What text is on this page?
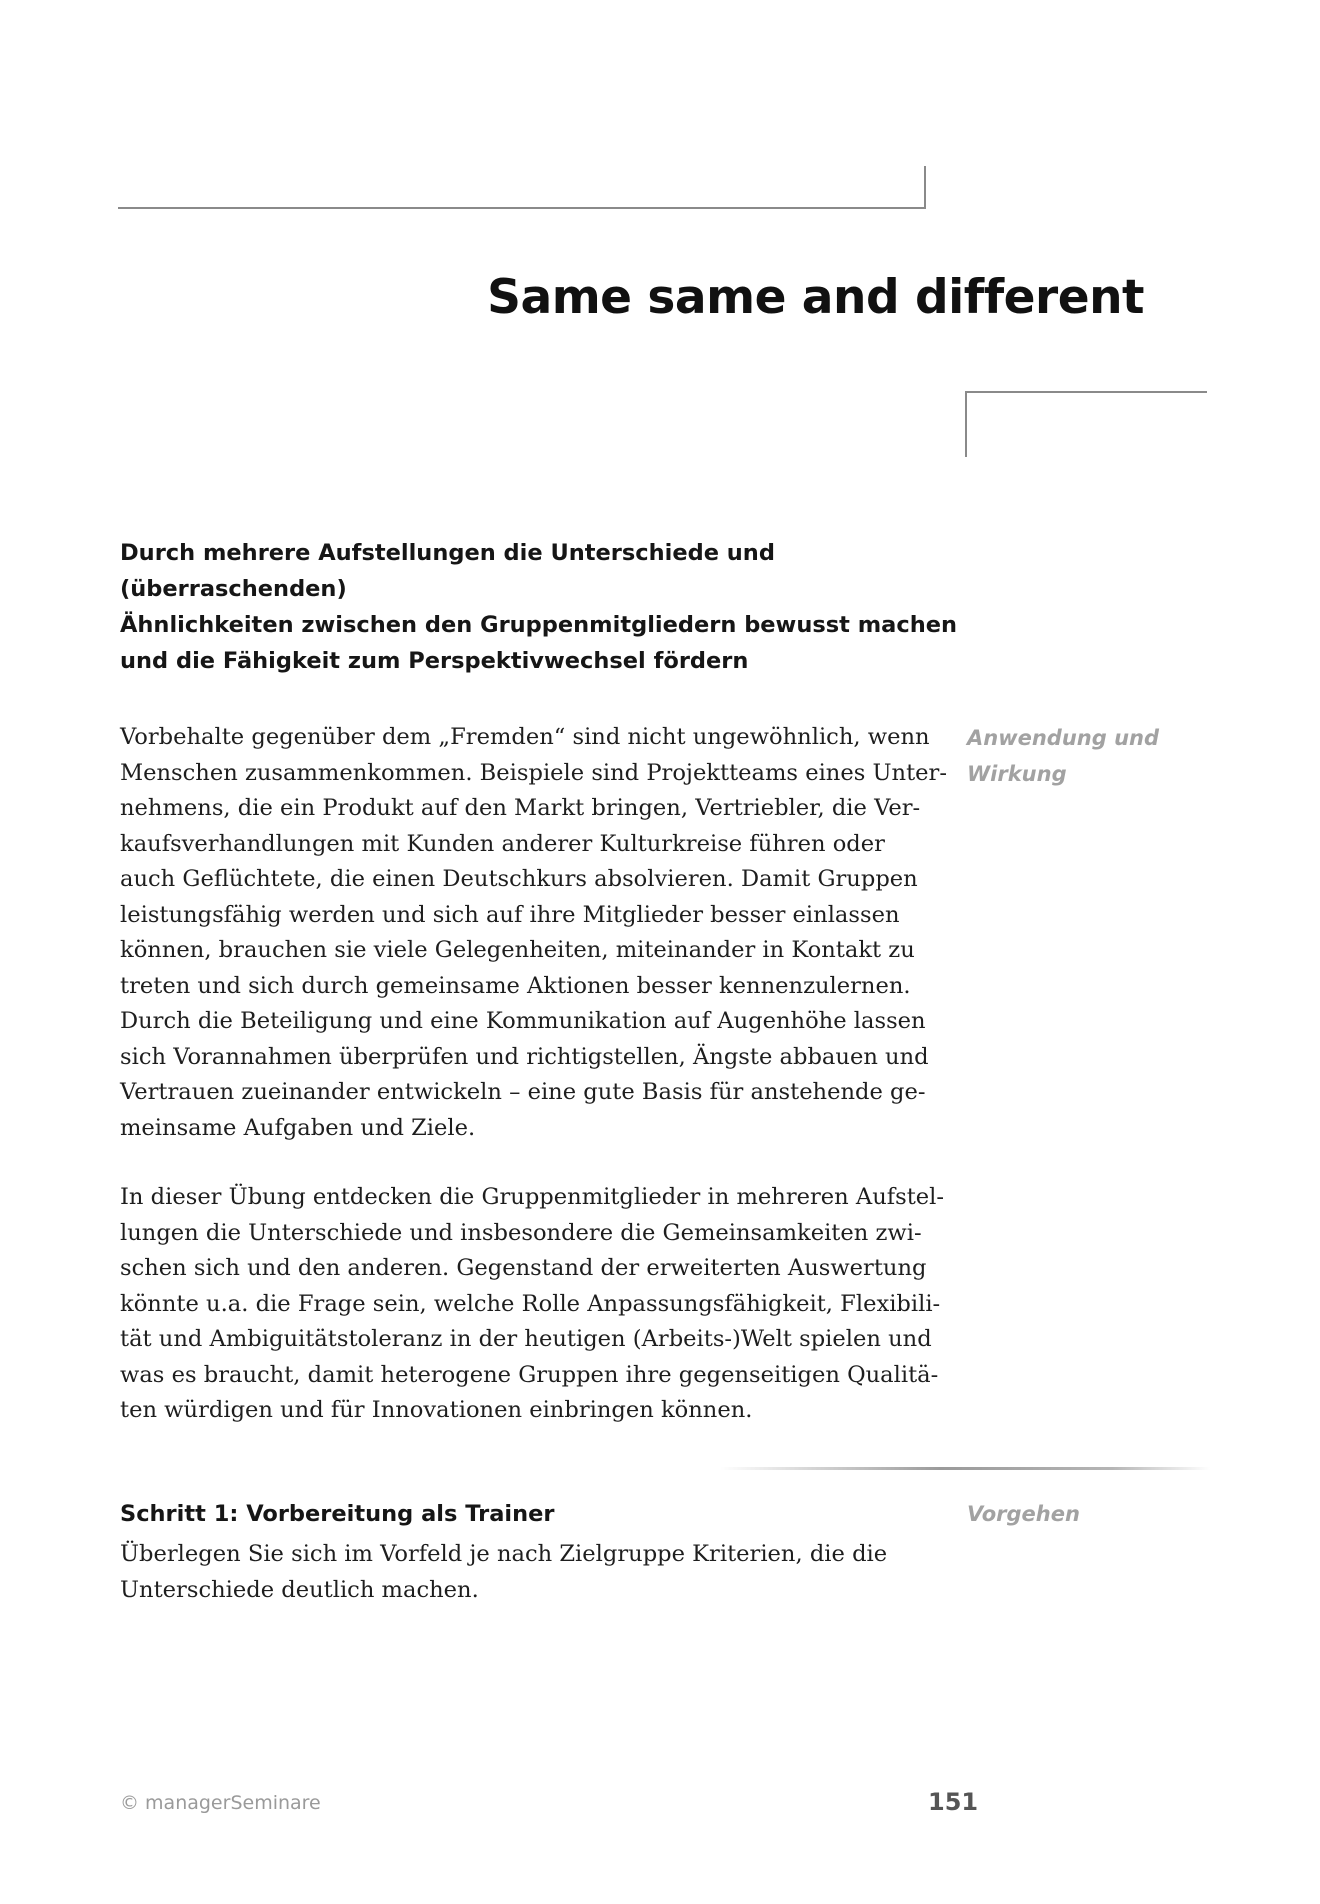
Same same and different

Durch mehrere Aufstellungen die Unterschiede und (überraschenden)
Ähnlichkeiten zwischen den Gruppenmitgliedern bewusst machen
und die Fähigkeit zum Perspektivwechsel fördern

Vorbehalte gegenüber dem „Fremden“ sind nicht ungewöhnlich, wenn
Menschen zusammenkommen. Beispiele sind Projektteams eines Unter-
nehmens, die ein Produkt auf den Markt bringen, Vertriebler, die Ver-
kaufsverhandlungen mit Kunden anderer Kulturkreise führen oder
auch Geflüchtete, die einen Deutschkurs absolvieren. Damit Gruppen
leistungsfähig werden und sich auf ihre Mitglieder besser einlassen
können, brauchen sie viele Gelegenheiten, miteinander in Kontakt zu
treten und sich durch gemeinsame Aktionen besser kennenzulernen.
Durch die Beteiligung und eine Kommunikation auf Augenhöhe lassen
sich Vorannahmen überprüfen und richtigstellen, Ängste abbauen und
Vertrauen zueinander entwickeln – eine gute Basis für anstehende ge-
meinsame Aufgaben und Ziele.

Anwendung und
Wirkung

In dieser Übung entdecken die Gruppenmitglieder in mehreren Aufstel-
lungen die Unterschiede und insbesondere die Gemeinsamkeiten zwi-
schen sich und den anderen. Gegenstand der erweiterten Auswertung
könnte u.a. die Frage sein, welche Rolle Anpassungsfähigkeit, Flexibili-
tät und Ambiguitätstoleranz in der heutigen (Arbeits-)Welt spielen und
was es braucht, damit heterogene Gruppen ihre gegenseitigen Qualitä-
ten würdigen und für Innovationen einbringen können.

Schritt 1: Vorbereitung als Trainer	Vorgehen

Überlegen Sie sich im Vorfeld je nach Zielgruppe Kriterien, die die
Unterschiede deutlich machen.

© managerSeminare	151
